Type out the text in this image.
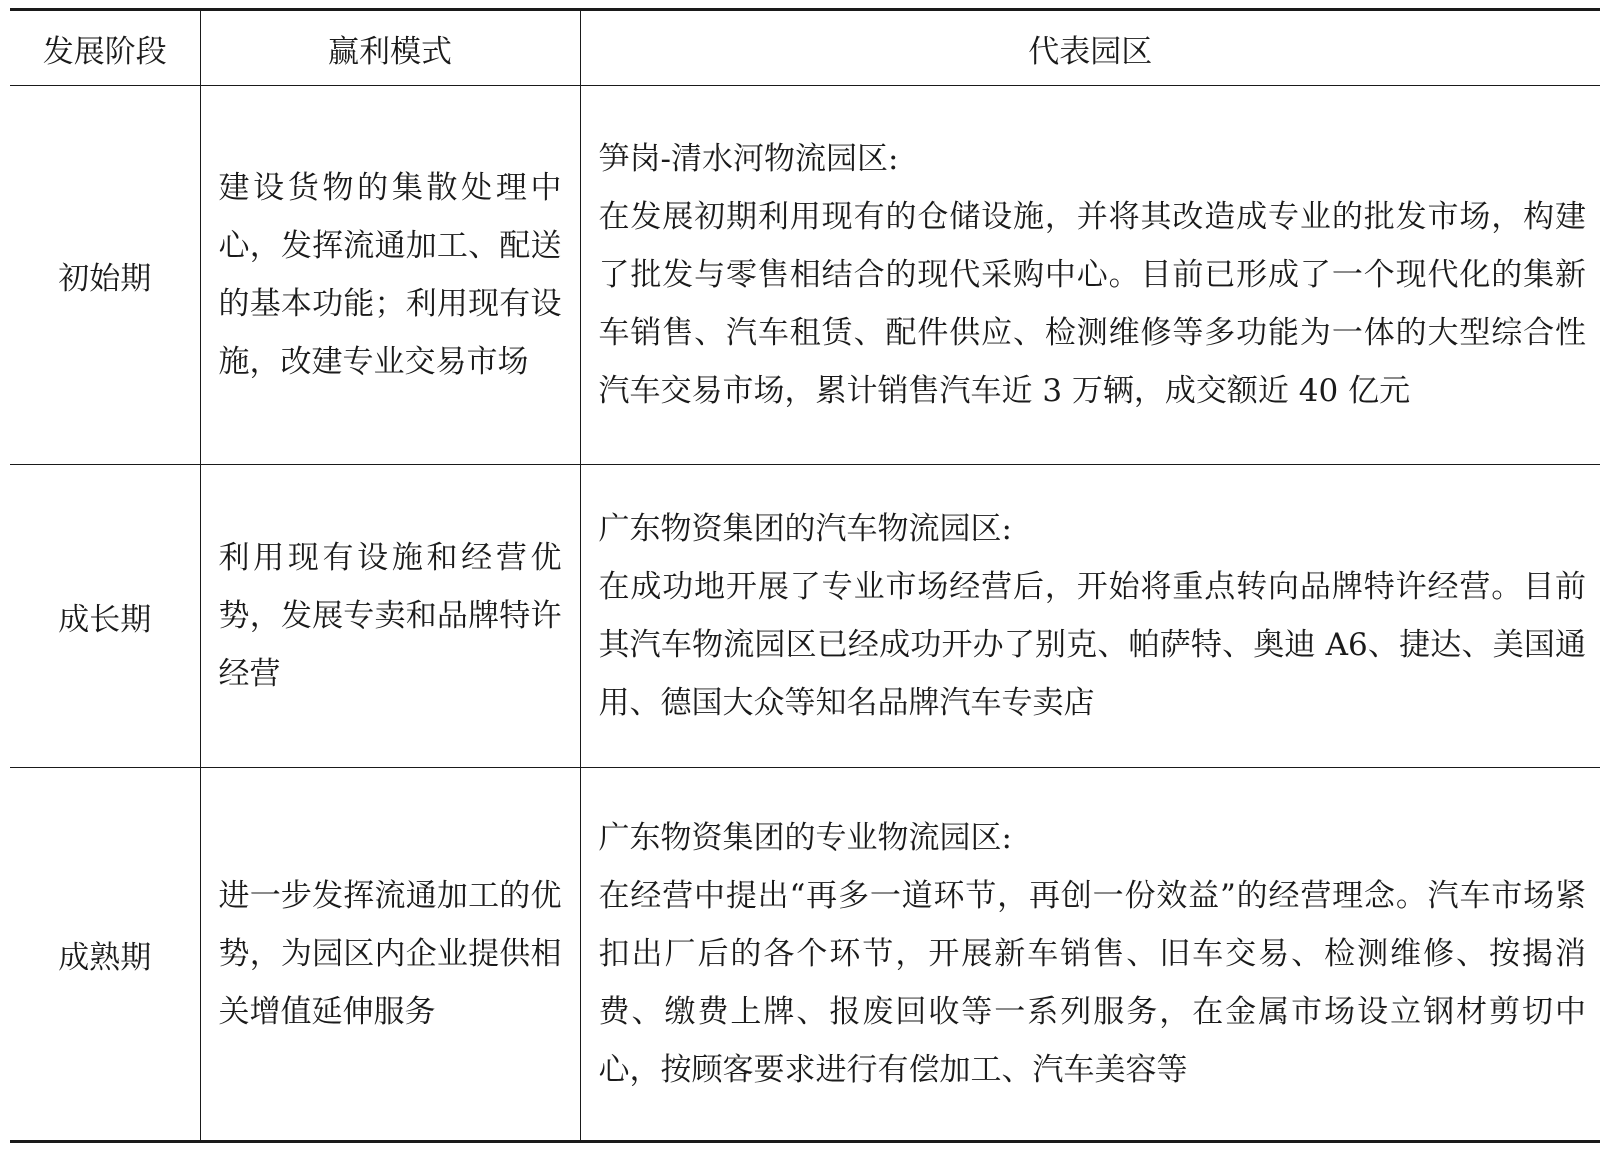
发展阶段	赢利模式	代表园区
初始期	建设货物的集散处理中心，发挥流通加工、配送的基本功能；利用现有设施，改建专业交易市场	笋岗-清水河物流园区:
在发展初期利用现有的仓储设施，并将其改造成专业的批发市场，构建了批发与零售相结合的现代采购中心。目前已形成了一个现代化的集新车销售、汽车租赁、配件供应、检测维修等多功能为一体的大型综合性汽车交易市场，累计销售汽车近 3 万辆，成交额近 40 亿元

成长期	利用现有设施和经营优势，发展专卖和品牌特许经营	广东物资集团的汽车物流园区:
在成功地开展了专业市场经营后，开始将重点转向品牌特许经营。目前其汽车物流园区已经成功开办了别克、帕萨特、奥迪 A6、捷达、美国通用、德国大众等知名品牌汽车专卖店

成熟期	进一步发挥流通加工的优势，为园区内企业提供相关增值延伸服务	广东物资集团的专业物流园区:
在经营中提出“再多一道环节，再创一份效益”的经营理念。汽车市场紧扣出厂后的各个环节，开展新车销售、旧车交易、检测维修、按揭消费、缴费上牌、报废回收等一系列服务，在金属市场设立钢材剪切中心，按顾客要求进行有偿加工、汽车美容等
